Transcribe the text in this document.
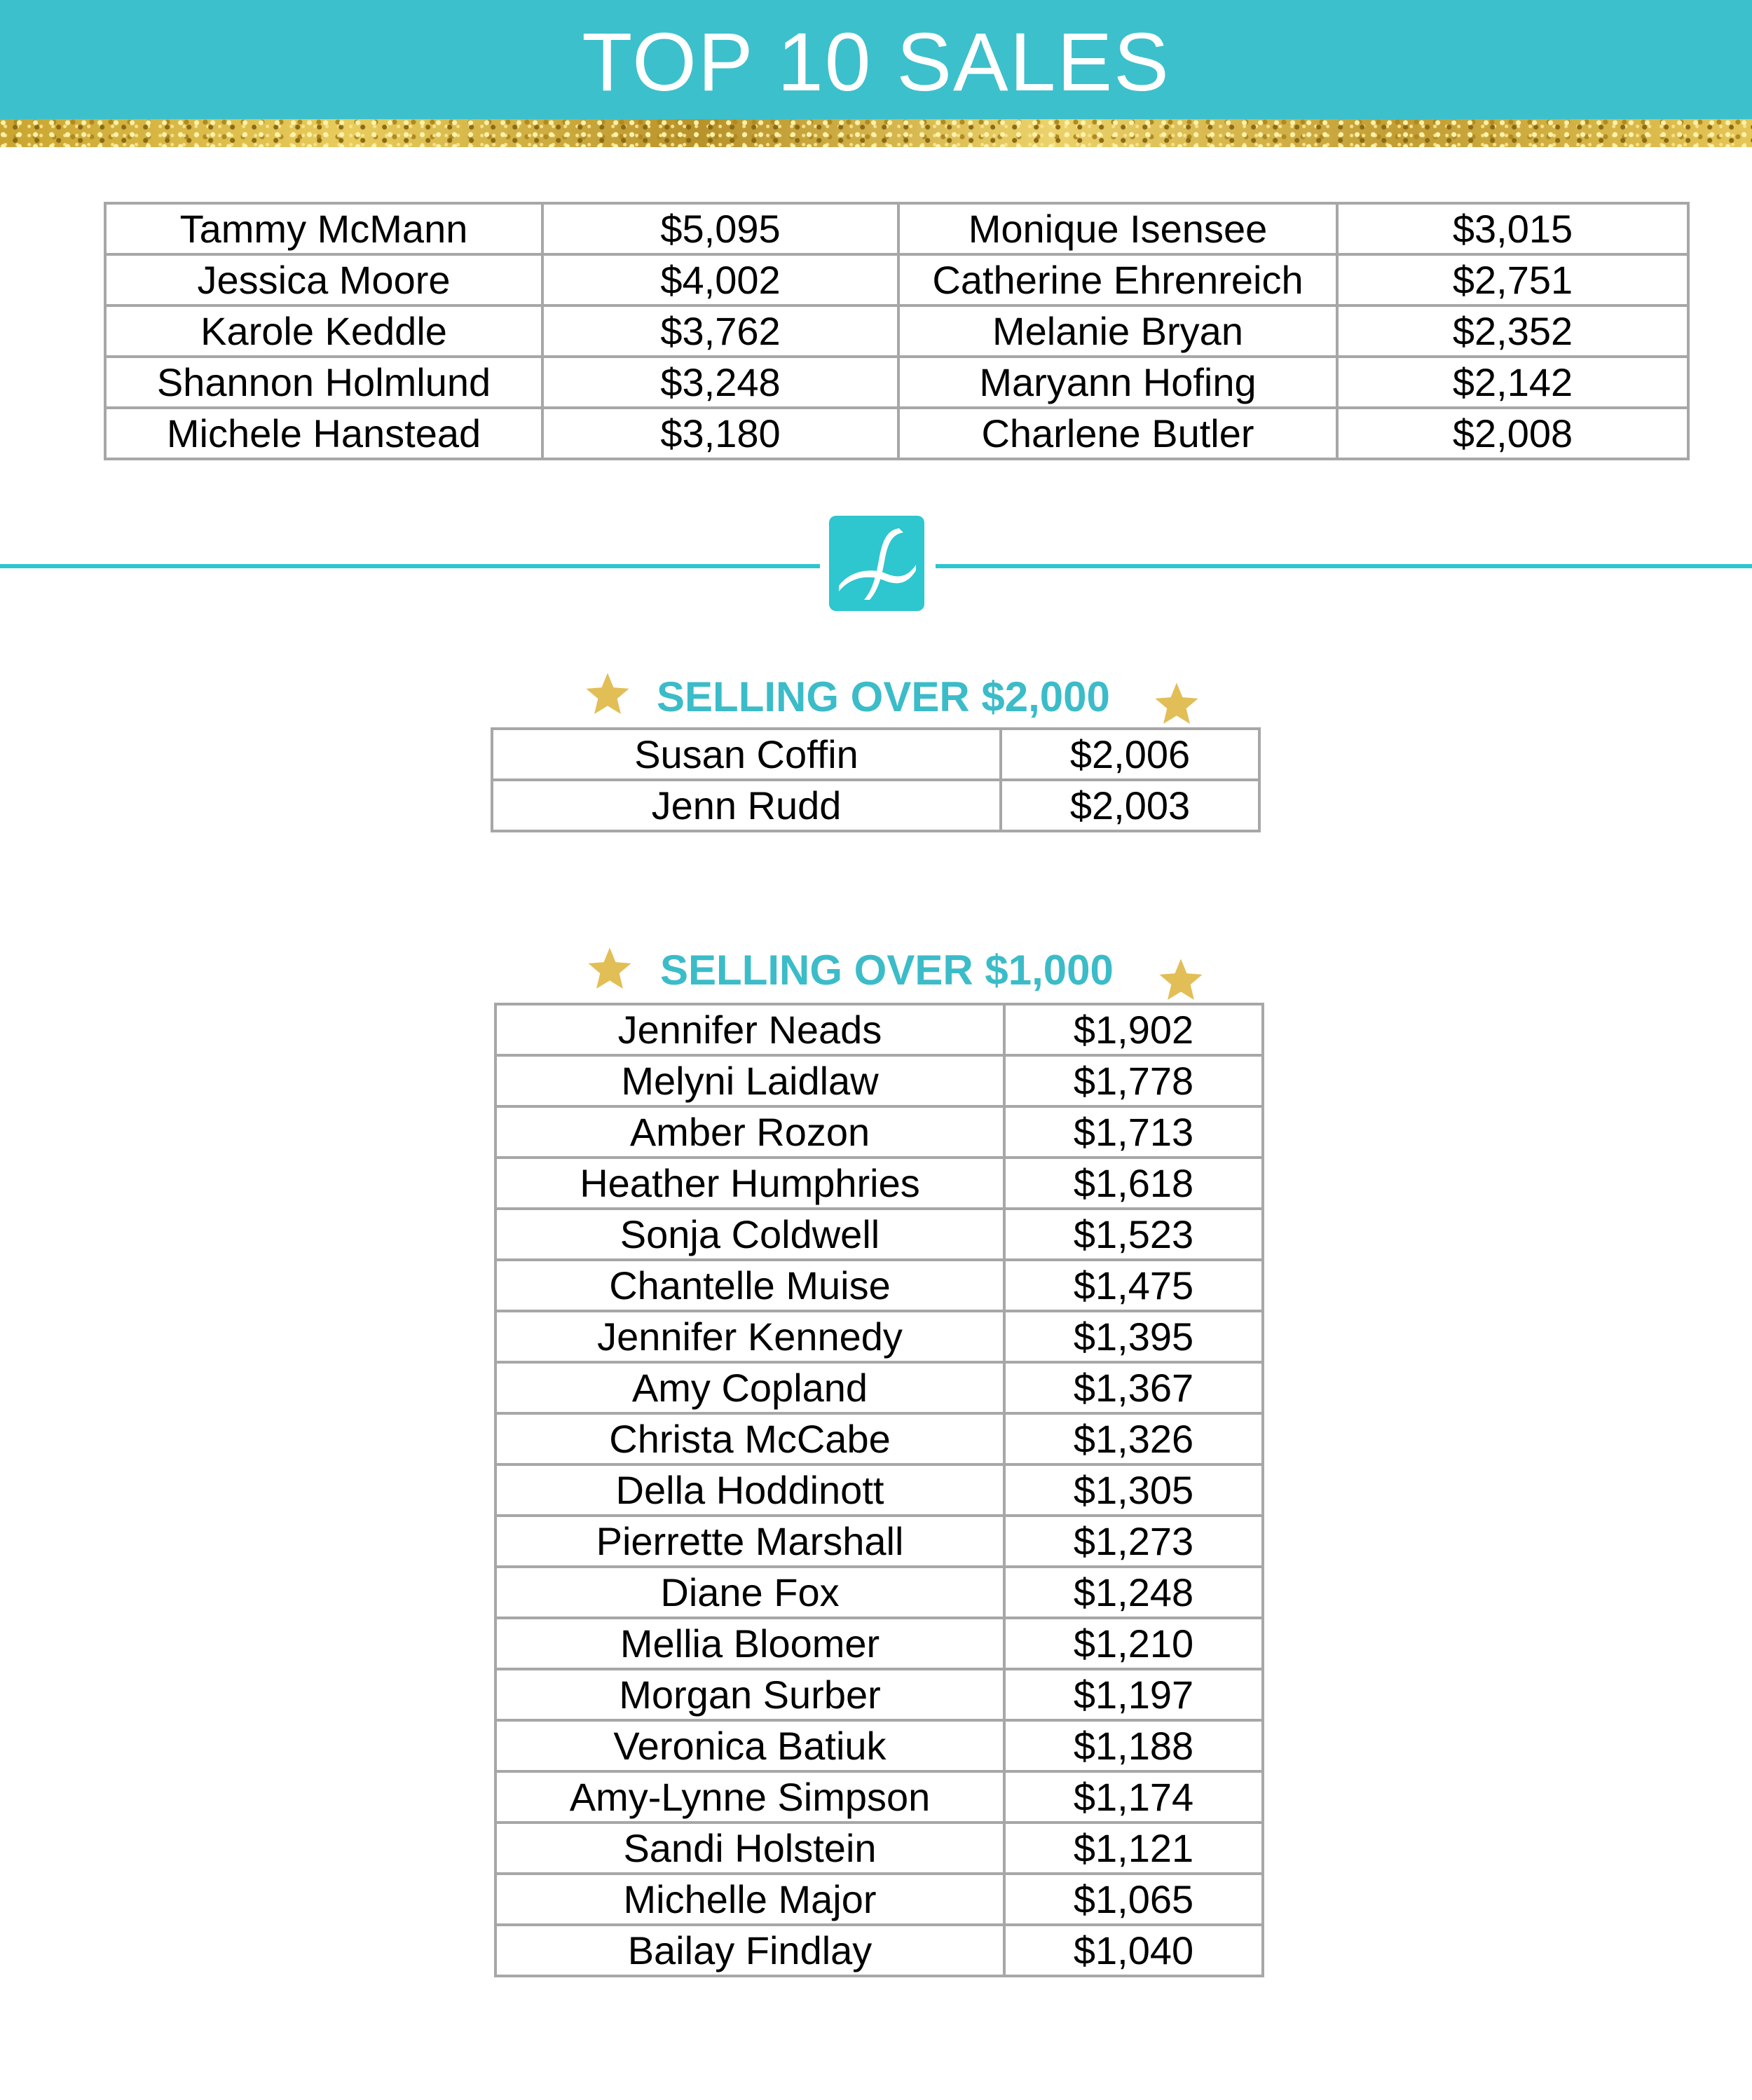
TOP 10 SALES
Tammy McMann	$5,095	Monique Isensee	$3,015
Jessica Moore	$4,002	Catherine Ehrenreich	$2,751
Karole Keddle	$3,762	Melanie Bryan	$2,352
Shannon Holmlund	$3,248	Maryann Hofing	$2,142
Michele Hanstead	$3,180	Charlene Butler	$2,008
SELLING OVER $2,000
Susan Coffin	$2,006
Jenn Rudd	$2,003
SELLING OVER $1,000
Jennifer Neads	$1,902
Melyni Laidlaw	$1,778
Amber Rozon	$1,713
Heather Humphries	$1,618
Sonja Coldwell	$1,523
Chantelle Muise	$1,475
Jennifer Kennedy	$1,395
Amy Copland	$1,367
Christa McCabe	$1,326
Della Hoddinott	$1,305
Pierrette Marshall	$1,273
Diane Fox	$1,248
Mellia Bloomer	$1,210
Morgan Surber	$1,197
Veronica Batiuk	$1,188
Amy-Lynne Simpson	$1,174
Sandi Holstein	$1,121
Michelle Major	$1,065
Bailay Findlay	$1,040
